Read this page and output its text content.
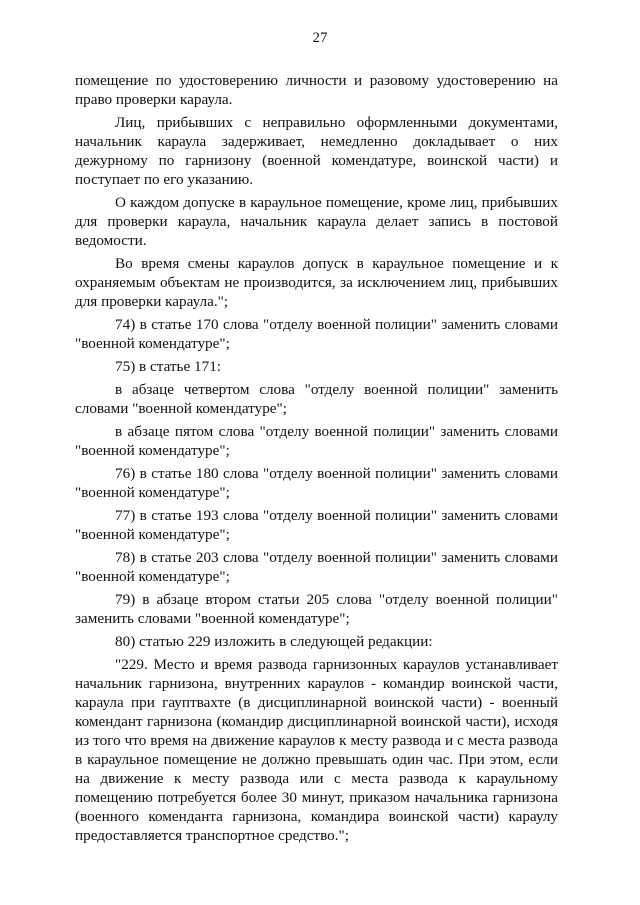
27

помещение по удостоверению личности и разовому удостоверению на право проверки караула.

Лиц, прибывших с неправильно оформленными документами, начальник караула задерживает, немедленно докладывает о них дежурному по гарнизону (военной комендатуре, воинской части) и поступает по его указанию.

О каждом допуске в караульное помещение, кроме лиц, прибывших для проверки караула, начальник караула делает запись в постовой ведомости.

Во время смены караулов допуск в караульное помещение и к охраняемым объектам не производится, за исключением лиц, прибывших для проверки караула.";

74) в статье 170 слова "отделу военной полиции" заменить словами "военной комендатуре";

75) в статье 171:

в абзаце четвертом слова "отделу военной полиции" заменить словами "военной комендатуре";

в абзаце пятом слова "отделу военной полиции" заменить словами "военной комендатуре";

76) в статье 180 слова "отделу военной полиции" заменить словами "военной комендатуре";

77) в статье 193 слова "отделу военной полиции" заменить словами "военной комендатуре";

78) в статье 203 слова "отделу военной полиции" заменить словами "военной комендатуре";

79) в абзаце втором статьи 205 слова "отделу военной полиции" заменить словами "военной комендатуре";

80) статью 229 изложить в следующей редакции:

"229. Место и время развода гарнизонных караулов устанавливает начальник гарнизона, внутренних караулов - командир воинской части, караула при гауптвахте (в дисциплинарной воинской части) - военный комендант гарнизона (командир дисциплинарной воинской части), исходя из того что время на движение караулов к месту развода и с места развода в караульное помещение не должно превышать один час. При этом, если на движение к месту развода или с места развода к караульному помещению потребуется более 30 минут, приказом начальника гарнизона (военного коменданта гарнизона, командира воинской части) караулу предоставляется транспортное средство.";
